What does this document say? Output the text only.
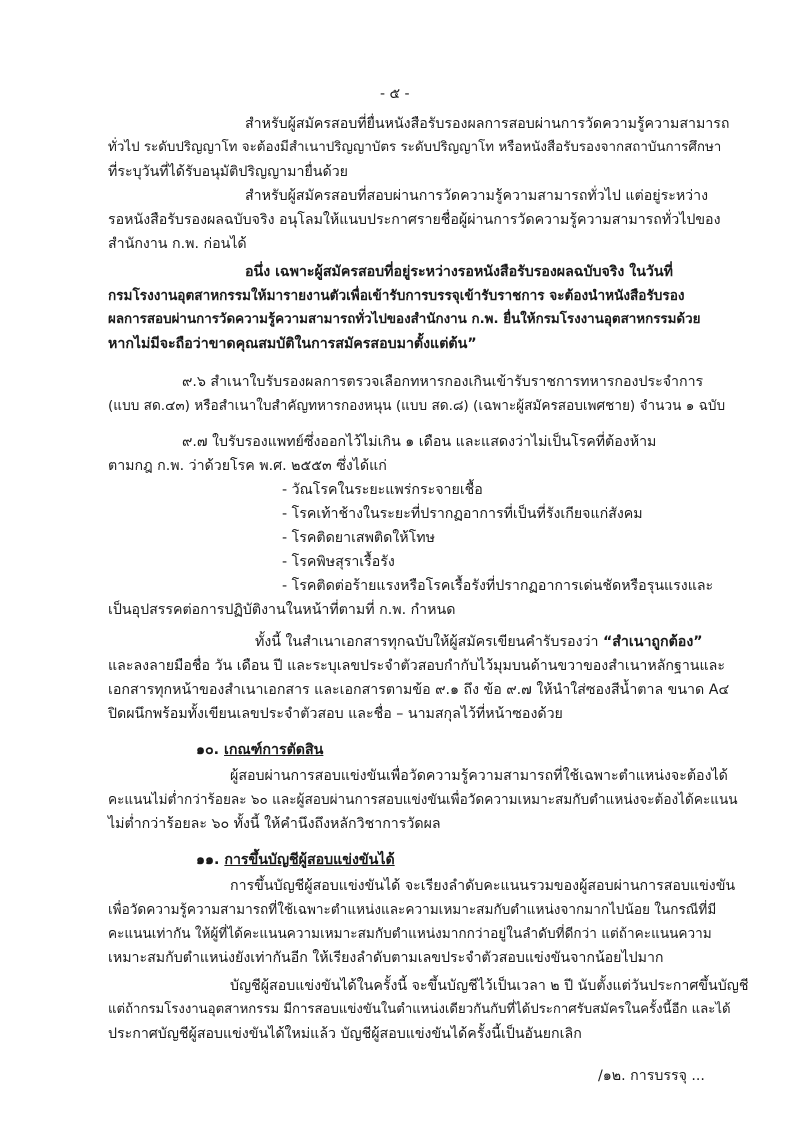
- ๕ -
สำหรับผู้สมัครสอบที่ยื่นหนังสือรับรองผลการสอบผ่านการวัดความรู้ความสามารถ
ทั่วไป ระดับปริญญาโท จะต้องมีสำเนาปริญญาบัตร ระดับปริญญาโท หรือหนังสือรับรองจากสถาบันการศึกษา
ที่ระบุวันที่ได้รับอนุมัติปริญญามายื่นด้วย
สำหรับผู้สมัครสอบที่สอบผ่านการวัดความรู้ความสามารถทั่วไป แต่อยู่ระหว่าง
รอหนังสือรับรองผลฉบับจริง อนุโลมให้แนบประกาศรายชื่อผู้ผ่านการวัดความรู้ความสามารถทั่วไปของ
สำนักงาน ก.พ. ก่อนได้
อนึ่ง เฉพาะผู้สมัครสอบที่อยู่ระหว่างรอหนังสือรับรองผลฉบับจริง ในวันที่
กรมโรงงานอุตสาหกรรมให้มารายงานตัวเพื่อเข้ารับการบรรจุเข้ารับราชการ จะต้องนำหนังสือรับรอง
ผลการสอบผ่านการวัดความรู้ความสามารถทั่วไปของสำนักงาน ก.พ. ยื่นให้กรมโรงงานอุตสาหกรรมด้วย
หากไม่มีจะถือว่าขาดคุณสมบัติในการสมัครสอบมาตั้งแต่ต้น”
๙.๖ สำเนาใบรับรองผลการตรวจเลือกทหารกองเกินเข้ารับราชการทหารกองประจำการ
(แบบ สด.๔๓) หรือสำเนาใบสำคัญทหารกองหนุน (แบบ สด.๘) (เฉพาะผู้สมัครสอบเพศชาย) จำนวน ๑ ฉบับ
๙.๗ ใบรับรองแพทย์ซึ่งออกไว้ไม่เกิน ๑ เดือน และแสดงว่าไม่เป็นโรคที่ต้องห้าม
ตามกฎ ก.พ. ว่าด้วยโรค พ.ศ. ๒๕๕๓ ซึ่งได้แก่
- วัณโรคในระยะแพร่กระจายเชื้อ
- โรคเท้าช้างในระยะที่ปรากฏอาการที่เป็นที่รังเกียจแก่สังคม
- โรคติดยาเสพติดให้โทษ
- โรคพิษสุราเรื้อรัง
- โรคติดต่อร้ายแรงหรือโรคเรื้อรังที่ปรากฏอาการเด่นชัดหรือรุนแรงและ
เป็นอุปสรรคต่อการปฏิบัติงานในหน้าที่ตามที่ ก.พ. กำหนด
ทั้งนี้ ในสำเนาเอกสารทุกฉบับให้ผู้สมัครเขียนคำรับรองว่า “สำเนาถูกต้อง”
และลงลายมือชื่อ วัน เดือน ปี และระบุเลขประจำตัวสอบกำกับไว้มุมบนด้านขวาของสำเนาหลักฐานและ
เอกสารทุกหน้าของสำเนาเอกสาร และเอกสารตามข้อ ๙.๑ ถึง ข้อ ๙.๗ ให้นำใส่ซองสีน้ำตาล ขนาด A๔
ปิดผนึกพร้อมทั้งเขียนเลขประจำตัวสอบ และชื่อ – นามสกุลไว้ที่หน้าซองด้วย
๑๐. เกณฑ์การตัดสิน
ผู้สอบผ่านการสอบแข่งขันเพื่อวัดความรู้ความสามารถที่ใช้เฉพาะตำแหน่งจะต้องได้
คะแนนไม่ต่ำกว่าร้อยละ ๖๐ และผู้สอบผ่านการสอบแข่งขันเพื่อวัดความเหมาะสมกับตำแหน่งจะต้องได้คะแนน
ไม่ต่ำกว่าร้อยละ ๖๐ ทั้งนี้ ให้คำนึงถึงหลักวิชาการวัดผล
๑๑. การขึ้นบัญชีผู้สอบแข่งขันได้
การขึ้นบัญชีผู้สอบแข่งขันได้ จะเรียงลำดับคะแนนรวมของผู้สอบผ่านการสอบแข่งขัน
เพื่อวัดความรู้ความสามารถที่ใช้เฉพาะตำแหน่งและความเหมาะสมกับตำแหน่งจากมากไปน้อย ในกรณีที่มี
คะแนนเท่ากัน ให้ผู้ที่ได้คะแนนความเหมาะสมกับตำแหน่งมากกว่าอยู่ในลำดับที่ดีกว่า แต่ถ้าคะแนนความ
เหมาะสมกับตำแหน่งยังเท่ากันอีก ให้เรียงลำดับตามเลขประจำตัวสอบแข่งขันจากน้อยไปมาก
บัญชีผู้สอบแข่งขันได้ในครั้งนี้ จะขึ้นบัญชีไว้เป็นเวลา ๒ ปี นับตั้งแต่วันประกาศขึ้นบัญชี
แต่ถ้ากรมโรงงานอุตสาหกรรม มีการสอบแข่งขันในตำแหน่งเดียวกันกับที่ได้ประกาศรับสมัครในครั้งนี้อีก และได้
ประกาศบัญชีผู้สอบแข่งขันได้ใหม่แล้ว บัญชีผู้สอบแข่งขันได้ครั้งนี้เป็นอันยกเลิก
/๑๒. การบรรจุ ...
